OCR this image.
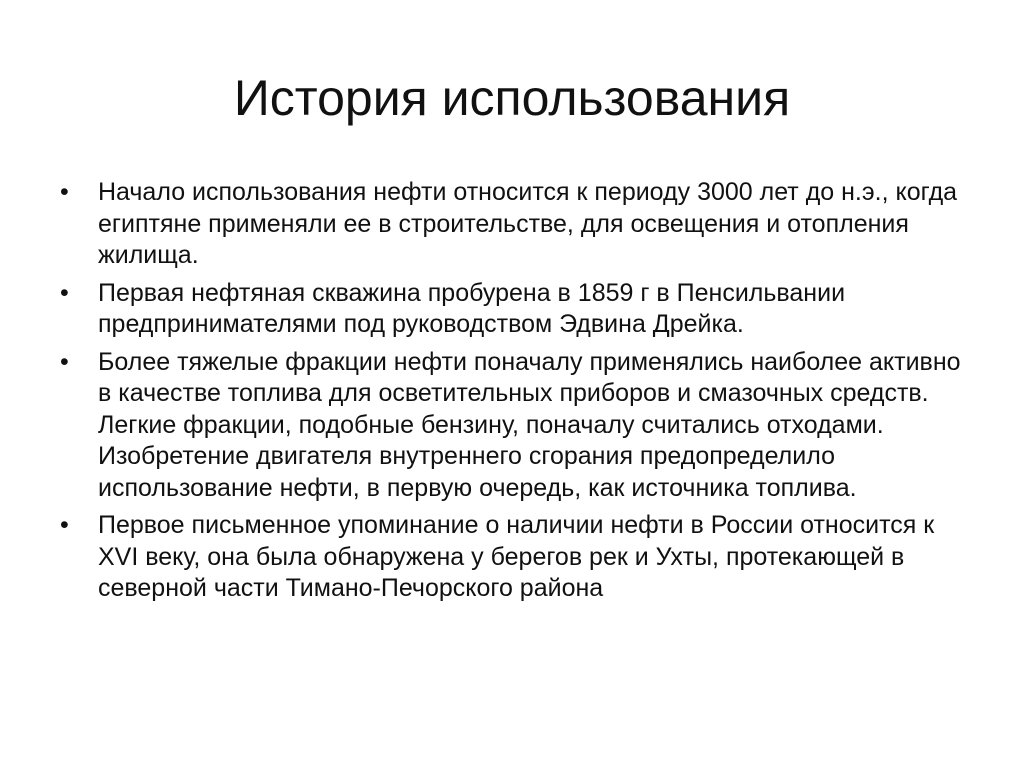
История использования
• Начало использования нефти относится к периоду 3000 лет до н.э., когда египтяне применяли ее в строительстве, для освещения и отопления жилища.
• Первая нефтяная скважина пробурена в 1859 г в Пенсильвании предпринимателями под руководством Эдвина Дрейка.
• Более тяжелые фракции нефти поначалу применялись наиболее активно в качестве топлива для осветительных приборов и смазочных средств. Легкие фракции, подобные бензину, поначалу считались отходами. Изобретение двигателя внутреннего сгорания предопределило использование нефти, в первую очередь, как источника топлива.
• Первое письменное упоминание о наличии нефти в России относится к XVI веку, она была обнаружена у берегов рек и Ухты, протекающей в северной части Тимано-Печорского района
